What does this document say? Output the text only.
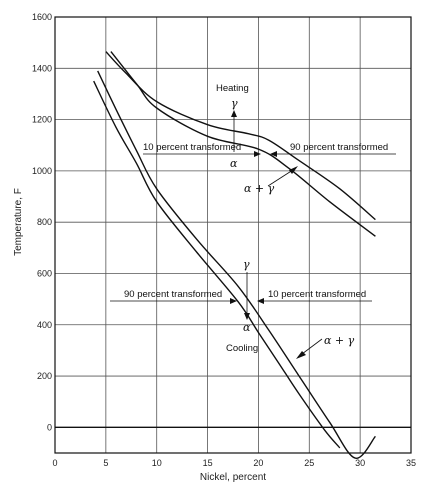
0	5	10	15	20	25	30	35
0
200
400
600
800
1000
1200
1400
1600
Nickel, percent
Temperature, F
Heating
γ
α
10 percent transformed	90 percent transformed
α + γ
γ
α
Cooling
90 percent transformed	10 percent transformed
α + γ
